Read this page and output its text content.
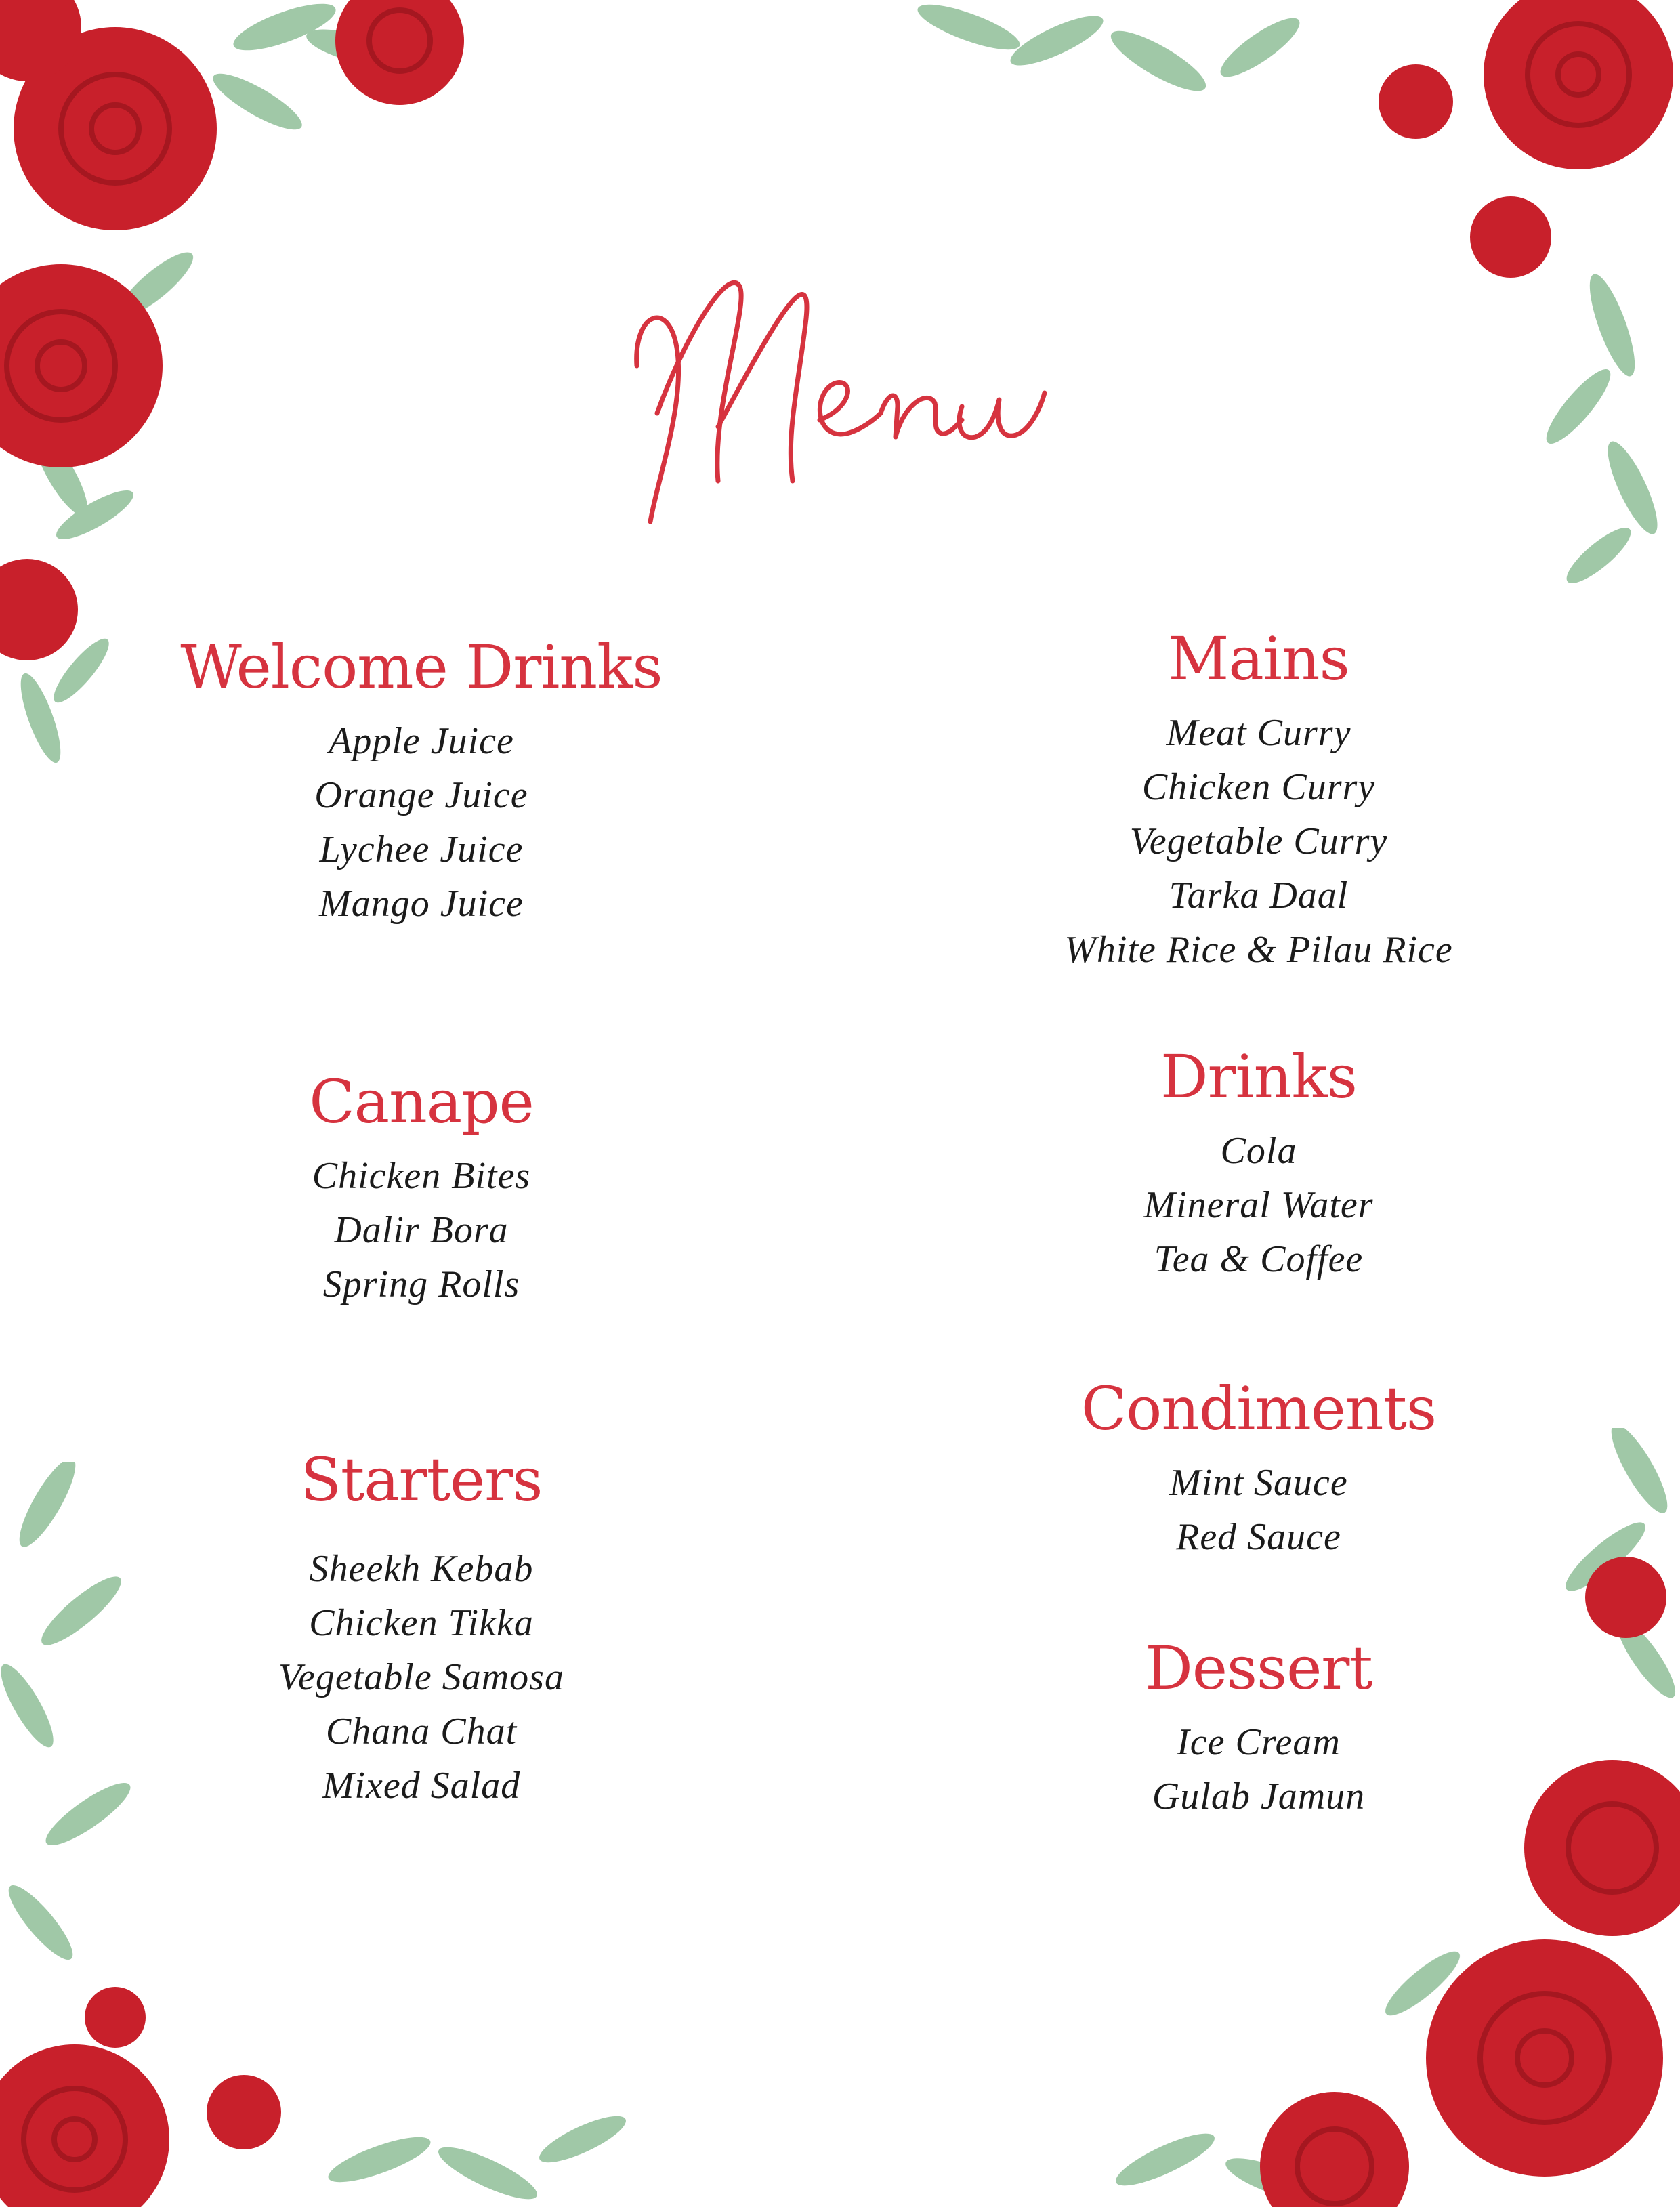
Welcome Drinks
Apple Juice
Orange Juice
Lychee Juice
Mango Juice
Canape
Chicken Bites
Dalir Bora
Spring Rolls
Starters
Sheekh Kebab
Chicken Tikka
Vegetable Samosa
Chana Chat
Mixed Salad
Mains
Meat Curry
Chicken Curry
Vegetable Curry
Tarka Daal
White Rice & Pilau Rice
Drinks
Cola
Mineral Water
Tea & Coffee
Condiments
Mint Sauce
Red Sauce
Dessert
Ice Cream
Gulab Jamun
